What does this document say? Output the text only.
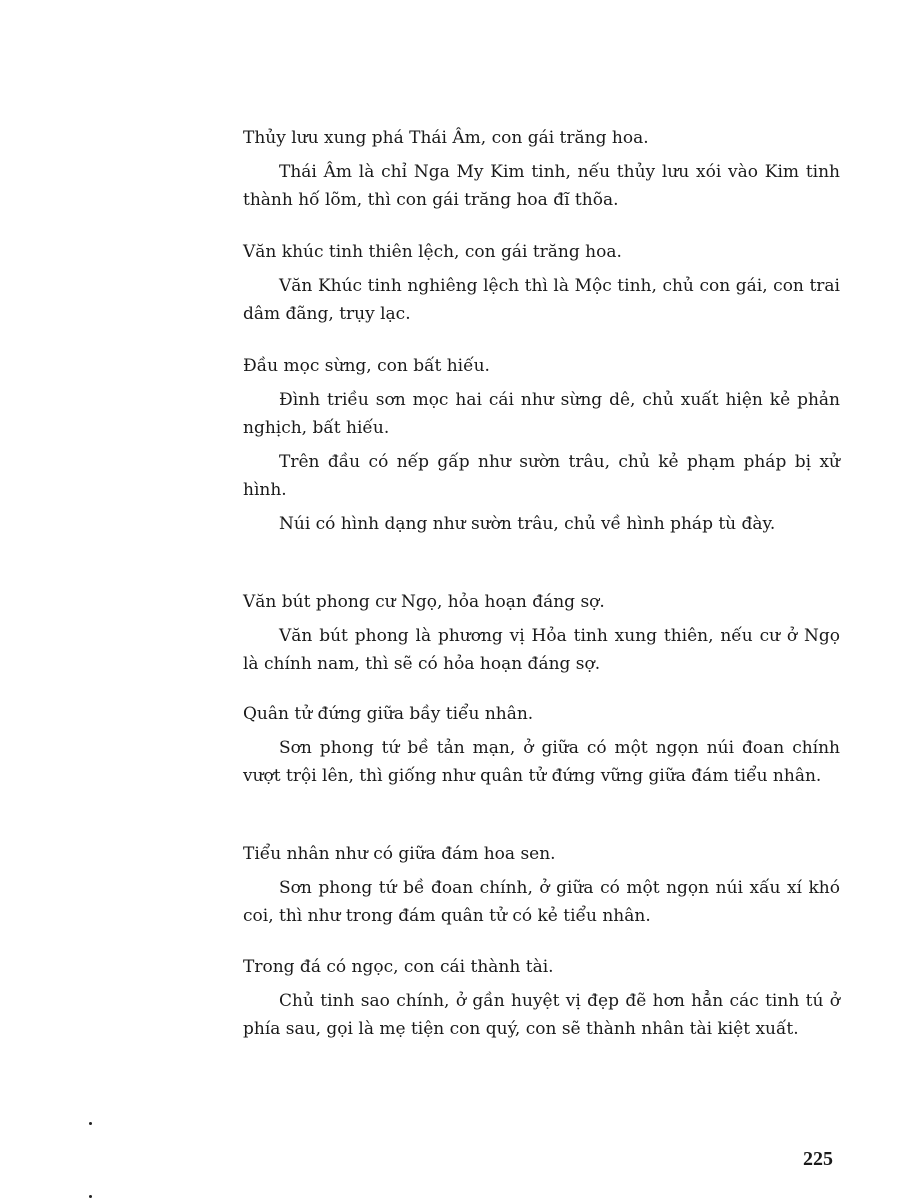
Thủy lưu xung phá Thái Âm, con gái trăng hoa.

Thái Âm là chỉ Nga My Kim tinh, nếu thủy lưu xói vào Kim tinh thành hố lõm, thì con gái trăng hoa đĩ thõa.

Văn khúc tinh thiên lệch, con gái trăng hoa.

Văn Khúc tinh nghiêng lệch thì là Mộc tinh, chủ con gái, con trai dâm đãng, trụy lạc.

Đầu mọc sừng, con bất hiếu.

Đình triều sơn mọc hai cái như sừng dê, chủ xuất hiện kẻ phản nghịch, bất hiếu.

Trên đầu có nếp gấp như sườn trâu, chủ kẻ phạm pháp bị xử hình.

Núi có hình dạng như sườn trâu, chủ về hình pháp tù đày.

Văn bút phong cư Ngọ, hỏa hoạn đáng sợ.

Văn bút phong là phương vị Hỏa tinh xung thiên, nếu cư ở Ngọ là chính nam, thì sẽ có hỏa hoạn đáng sợ.

Quân tử đứng giữa bầy tiểu nhân.

Sơn phong tứ bề tản mạn, ở giữa có một ngọn núi đoan chính vượt trội lên, thì giống như quân tử đứng vững giữa đám tiểu nhân.

Tiểu nhân như có giữa đám hoa sen.

Sơn phong tứ bề đoan chính, ở giữa có một ngọn núi xấu xí khó coi, thì như trong đám quân tử có kẻ tiểu nhân.

Trong đá có ngọc, con cái thành tài.

Chủ tinh sao chính, ở gần huyệt vị đẹp đẽ hơn hẳn các tinh tú ở phía sau, gọi là mẹ tiện con quý, con sẽ thành nhân tài kiệt xuất.

225
